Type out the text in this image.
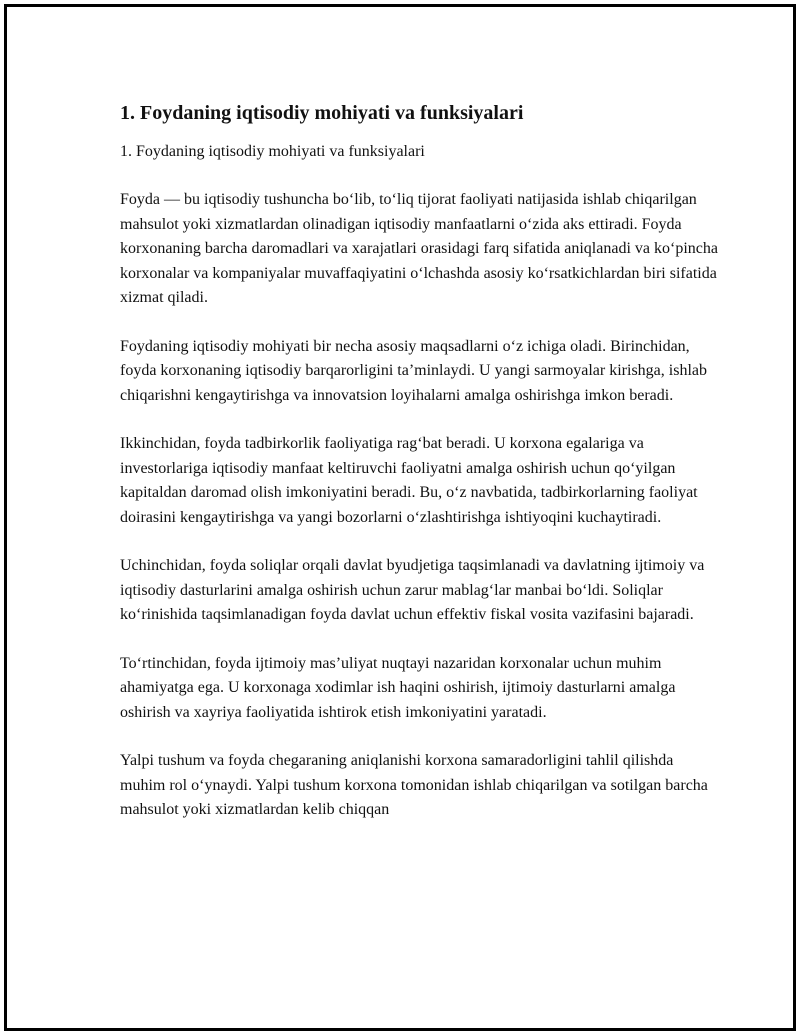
1. Foydaning iqtisodiy mohiyati va funksiyalari

1. Foydaning iqtisodiy mohiyati va funksiyalari

Foyda — bu iqtisodiy tushuncha bo‘lib, to‘liq tijorat faoliyati natijasida ishlab chiqarilgan mahsulot yoki xizmatlardan olinadigan iqtisodiy manfaatlarni o‘zida aks ettiradi. Foyda korxonaning barcha daromadlari va xarajatlari orasidagi farq sifatida aniqlanadi va ko‘pincha korxonalar va kompaniyalar muvaffaqiyatini o‘lchashda asosiy ko‘rsatkichlardan biri sifatida xizmat qiladi.

Foydaning iqtisodiy mohiyati bir necha asosiy maqsadlarni o‘z ichiga oladi. Birinchidan, foyda korxonaning iqtisodiy barqarorligini ta’minlaydi. U yangi sarmoyalar kirishga, ishlab chiqarishni kengaytirishga va innovatsion loyihalarni amalga oshirishga imkon beradi.

Ikkinchidan, foyda tadbirkorlik faoliyatiga rag‘bat beradi. U korxona egalariga va investorlariga iqtisodiy manfaat keltiruvchi faoliyatni amalga oshirish uchun qo‘yilgan kapitaldan daromad olish imkoniyatini beradi. Bu, o‘z navbatida, tadbirkorlarning faoliyat doirasini kengaytirishga va yangi bozorlarni o‘zlashtirishga ishtiyoqini kuchaytiradi.

Uchinchidan, foyda soliqlar orqali davlat byudjetiga taqsimlanadi va davlatning ijtimoiy va iqtisodiy dasturlarini amalga oshirish uchun zarur mablag‘lar manbai bo‘ldi. Soliqlar ko‘rinishida taqsimlanadigan foyda davlat uchun effektiv fiskal vosita vazifasini bajaradi.

To‘rtinchidan, foyda ijtimoiy mas’uliyat nuqtayi nazaridan korxonalar uchun muhim ahamiyatga ega. U korxonaga xodimlar ish haqini oshirish, ijtimoiy dasturlarni amalga oshirish va xayriya faoliyatida ishtirok etish imkoniyatini yaratadi.

Yalpi tushum va foyda chegaraning aniqlanishi korxona samaradorligini tahlil qilishda muhim rol o‘ynaydi. Yalpi tushum korxona tomonidan ishlab chiqarilgan va sotilgan barcha mahsulot yoki xizmatlardan kelib chiqqan
